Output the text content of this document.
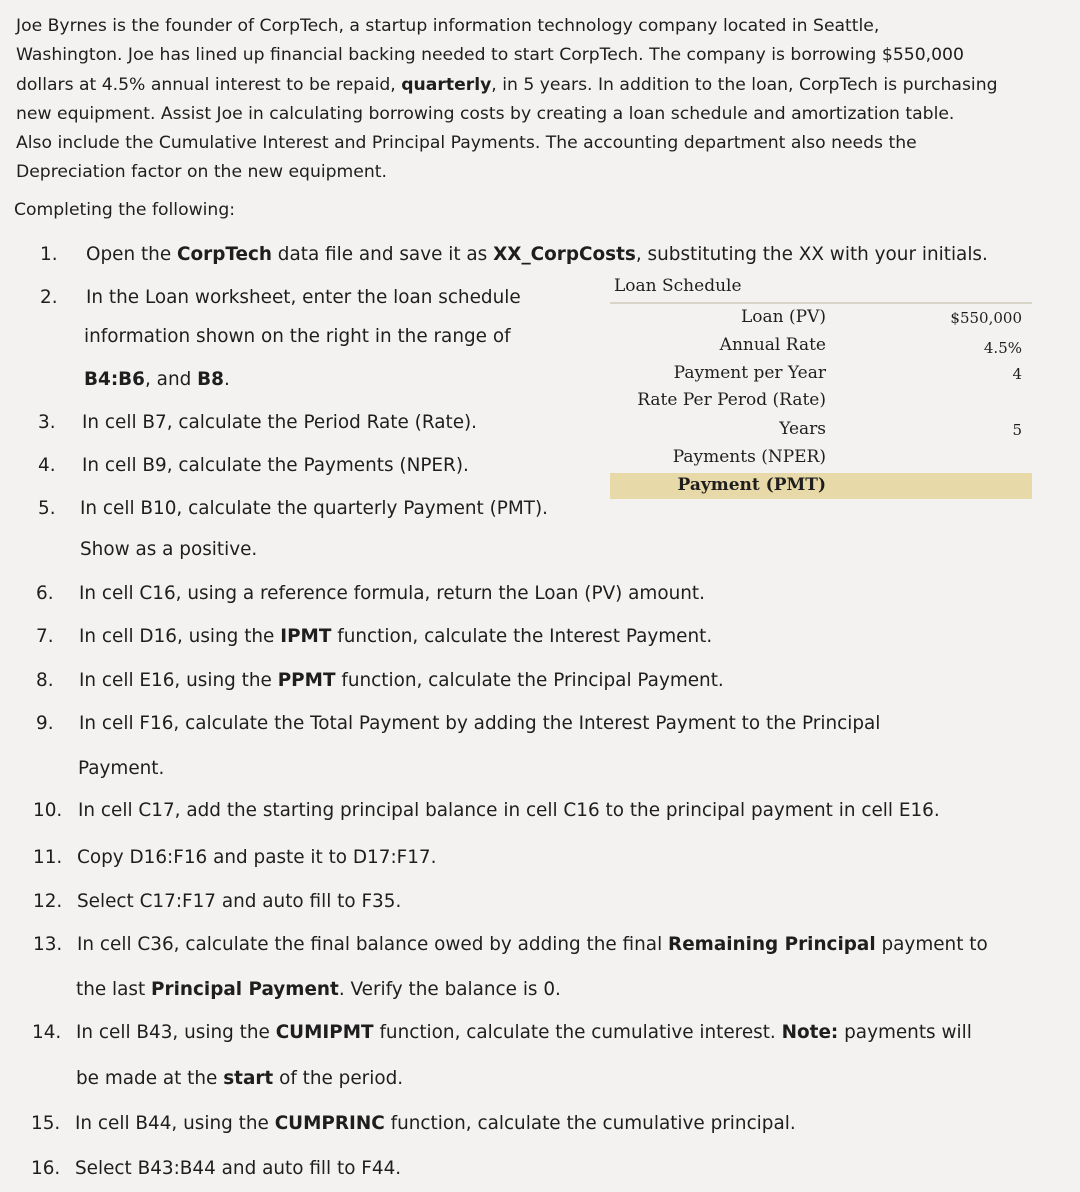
Joe Byrnes is the founder of CorpTech, a startup information technology company located in Seattle,
Washington. Joe has lined up financial backing needed to start CorpTech. The company is borrowing $550,000
dollars at 4.5% annual interest to be repaid, quarterly, in 5 years. In addition to the loan, CorpTech is purchasing
new equipment. Assist Joe in calculating borrowing costs by creating a loan schedule and amortization table.
Also include the Cumulative Interest and Principal Payments. The accounting department also needs the
Depreciation factor on the new equipment.
Completing the following:
1. Open the CorpTech data file and save it as XX_CorpCosts, substituting the XX with your initials.
2. In the Loan worksheet, enter the loan schedule
information shown on the right in the range of
B4:B6, and B8.
3. In cell B7, calculate the Period Rate (Rate).
4. In cell B9, calculate the Payments (NPER).
5. In cell B10, calculate the quarterly Payment (PMT).
Show as a positive.
6. In cell C16, using a reference formula, return the Loan (PV) amount.
7. In cell D16, using the IPMT function, calculate the Interest Payment.
8. In cell E16, using the PPMT function, calculate the Principal Payment.
9. In cell F16, calculate the Total Payment by adding the Interest Payment to the Principal
Payment.
10. In cell C17, add the starting principal balance in cell C16 to the principal payment in cell E16.
11. Copy D16:F16 and paste it to D17:F17.
12. Select C17:F17 and auto fill to F35.
13. In cell C36, calculate the final balance owed by adding the final Remaining Principal payment to
the last Principal Payment. Verify the balance is 0.
14. In cell B43, using the CUMIPMT function, calculate the cumulative interest. Note: payments will
be made at the start of the period.
15. In cell B44, using the CUMPRINC function, calculate the cumulative principal.
16. Select B43:B44 and auto fill to F44.
Loan Schedule
Loan (PV)	$550,000
Annual Rate	4.5%
Payment per Year	4
Rate Per Perod (Rate)
Years	5
Payments (NPER)
Payment (PMT)
